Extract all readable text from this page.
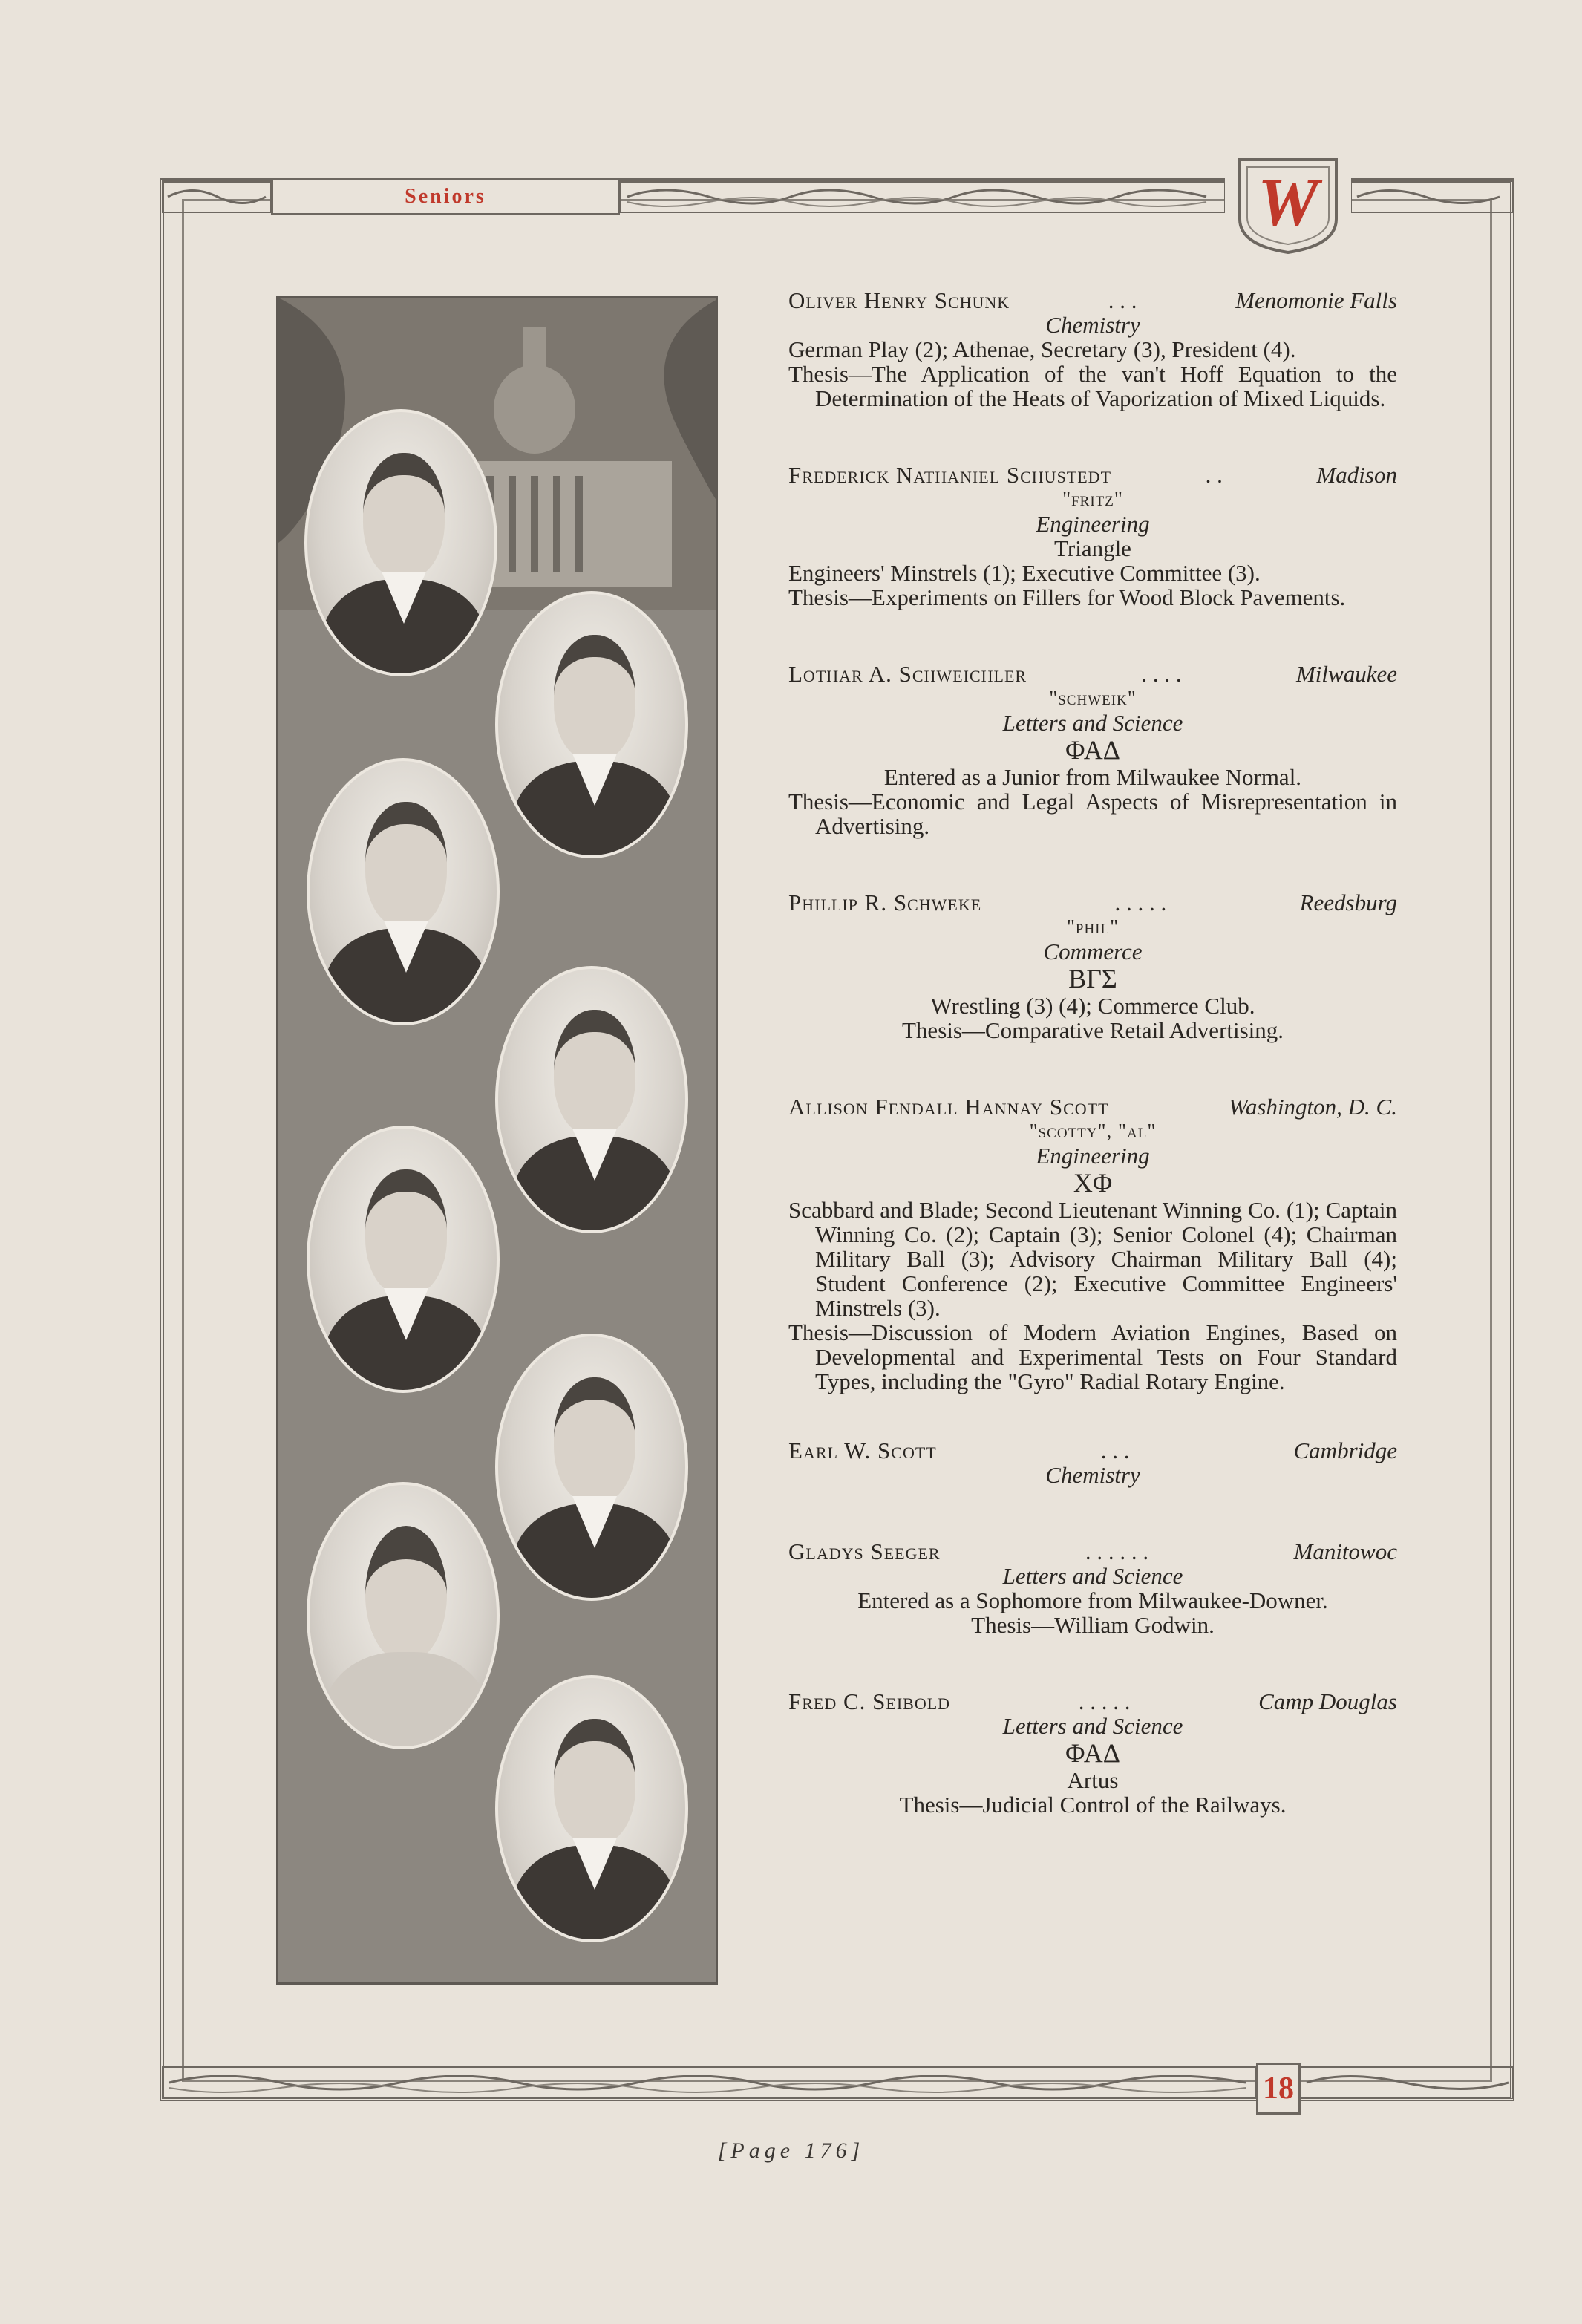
Seniors	W
18
Oliver Henry Schunk	. . .	Menomonie Falls
Chemistry
German Play (2); Athenae, Secretary (3), President (4).
Thesis—The Application of the van't Hoff Equation to the Determination of the Heats of Vaporization of Mixed Liquids.
Frederick Nathaniel Schustedt	. .	Madison
"fritz"
Engineering
Triangle
Engineers' Minstrels (1); Executive Committee (3).
Thesis—Experiments on Fillers for Wood Block Pavements.
Lothar A. Schweichler	. . . .	Milwaukee
"schweik"
Letters and Science
ΦΑΔ
Entered as a Junior from Milwaukee Normal.
Thesis—Economic and Legal Aspects of Misrepresentation in Advertising.
Phillip R. Schweke	. . . . .	Reedsburg
"phil"
Commerce
ΒΓΣ
Wrestling (3) (4); Commerce Club.
Thesis—Comparative Retail Advertising.
Allison Fendall Hannay Scott	Washington, D. C.
"scotty", "al"
Engineering
ΧΦ
Scabbard and Blade; Second Lieutenant Winning Co. (1); Captain Winning Co. (2); Captain (3); Senior Colonel (4); Chairman Military Ball (3); Advisory Chairman Military Ball (4); Student Conference (2); Executive Committee Engineers' Minstrels (3).
Thesis—Discussion of Modern Aviation Engines, Based on Developmental and Experimental Tests on Four Standard Types, including the "Gyro" Radial Rotary Engine.
Earl W. Scott	. . .	Cambridge
Chemistry
Gladys Seeger	. . . . . .	Manitowoc
Letters and Science
Entered as a Sophomore from Milwaukee-Downer.
Thesis—William Godwin.
Fred C. Seibold	. . . . .	Camp Douglas
Letters and Science
ΦΑΔ
Artus
Thesis—Judicial Control of the Railways.
[Page 176]
